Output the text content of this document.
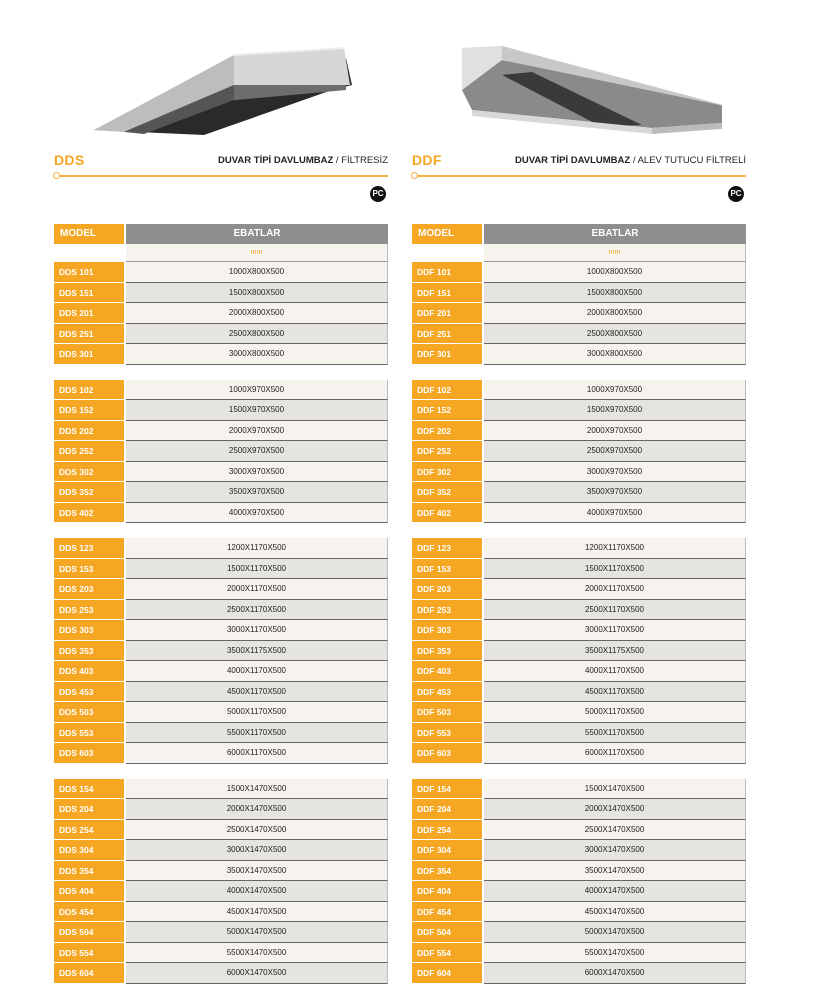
DDS	DUVAR TİPİ DAVLUMBAZ / FİLTRESİZ
PC
MODEL	EBATLAR
mm
DDS 101	1000X800X500
DDS 151	1500X800X500
DDS 201	2000X800X500
DDS 251	2500X800X500
DDS 301	3000X800X500
DDS 102	1000X970X500
DDS 152	1500X970X500
DDS 202	2000X970X500
DDS 252	2500X970X500
DDS 302	3000X970X500
DDS 352	3500X970X500
DDS 402	4000X970X500
DDS 123	1200X1170X500
DDS 153	1500X1170X500
DDS 203	2000X1170X500
DDS 253	2500X1170X500
DDS 303	3000X1170X500
DDS 353	3500X1175X500
DDS 403	4000X1170X500
DDS 453	4500X1170X500
DDS 503	5000X1170X500
DDS 553	5500X1170X500
DDS 603	6000X1170X500
DDS 154	1500X1470X500
DDS 204	2000X1470X500
DDS 254	2500X1470X500
DDS 304	3000X1470X500
DDS 354	3500X1470X500
DDS 404	4000X1470X500
DDS 454	4500X1470X500
DDS 504	5000X1470X500
DDS 554	5500X1470X500
DDS 604	6000X1470X500
DDF	DUVAR TİPİ DAVLUMBAZ / ALEV TUTUCU FİLTRELİ
PC
MODEL	EBATLAR
mm
DDF 101	1000X800X500
DDF 151	1500X800X500
DDF 201	2000X800X500
DDF 251	2500X800X500
DDF 301	3000X800X500
DDF 102	1000X970X500
DDF 152	1500X970X500
DDF 202	2000X970X500
DDF 252	2500X970X500
DDF 302	3000X970X500
DDF 352	3500X970X500
DDF 402	4000X970X500
DDF 123	1200X1170X500
DDF 153	1500X1170X500
DDF 203	2000X1170X500
DDF 253	2500X1170X500
DDF 303	3000X1170X500
DDF 353	3500X1175X500
DDF 403	4000X1170X500
DDF 453	4500X1170X500
DDF 503	5000X1170X500
DDF 553	5500X1170X500
DDF 603	6000X1170X500
DDF 154	1500X1470X500
DDF 204	2000X1470X500
DDF 254	2500X1470X500
DDF 304	3000X1470X500
DDF 354	3500X1470X500
DDF 404	4000X1470X500
DDF 454	4500X1470X500
DDF 504	5000X1470X500
DDF 554	5500X1470X500
DDF 604	6000X1470X500
